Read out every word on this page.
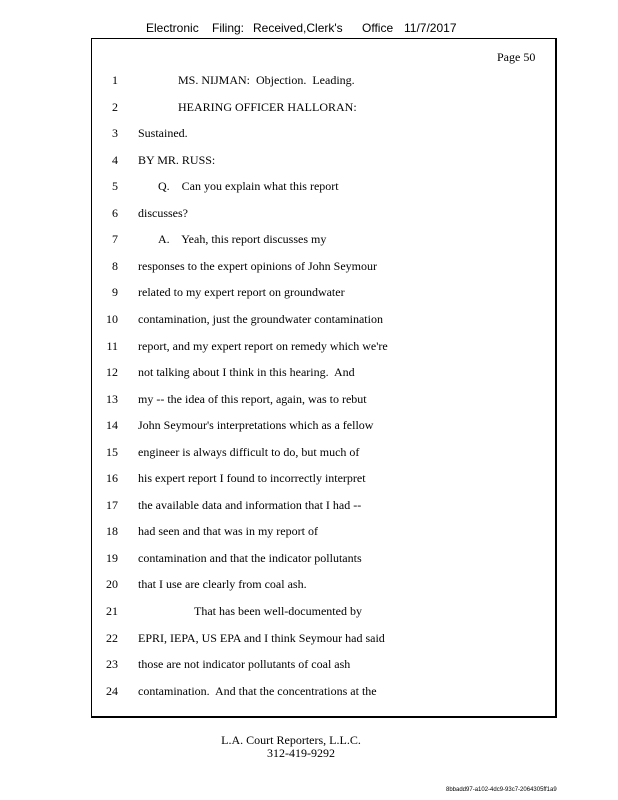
Electronic Filing: Received,Clerk's Office 11/7/2017
Page 50
1	MS. NIJMAN:  Objection.  Leading.
2	HEARING OFFICER HALLORAN:
3 Sustained.
4 BY MR. RUSS:
5	Q.    Can you explain what this report
6 discusses?
7	A.    Yeah, this report discusses my
8 responses to the expert opinions of John Seymour
9 related to my expert report on groundwater
10 contamination, just the groundwater contamination
11 report, and my expert report on remedy which we're
12 not talking about I think in this hearing.  And
13 my -- the idea of this report, again, was to rebut
14 John Seymour's interpretations which as a fellow
15 engineer is always difficult to do, but much of
16 his expert report I found to incorrectly interpret
17 the available data and information that I had --
18 had seen and that was in my report of
19 contamination and that the indicator pollutants
20 that I use are clearly from coal ash.
21	That has been well-documented by
22 EPRI, IEPA, US EPA and I think Seymour had said
23 those are not indicator pollutants of coal ash
24 contamination.  And that the concentrations at the
L.A. Court Reporters, L.L.C.
312-419-9292
8bbadd97-a102-4dc9-93c7-2064305ff1a9
